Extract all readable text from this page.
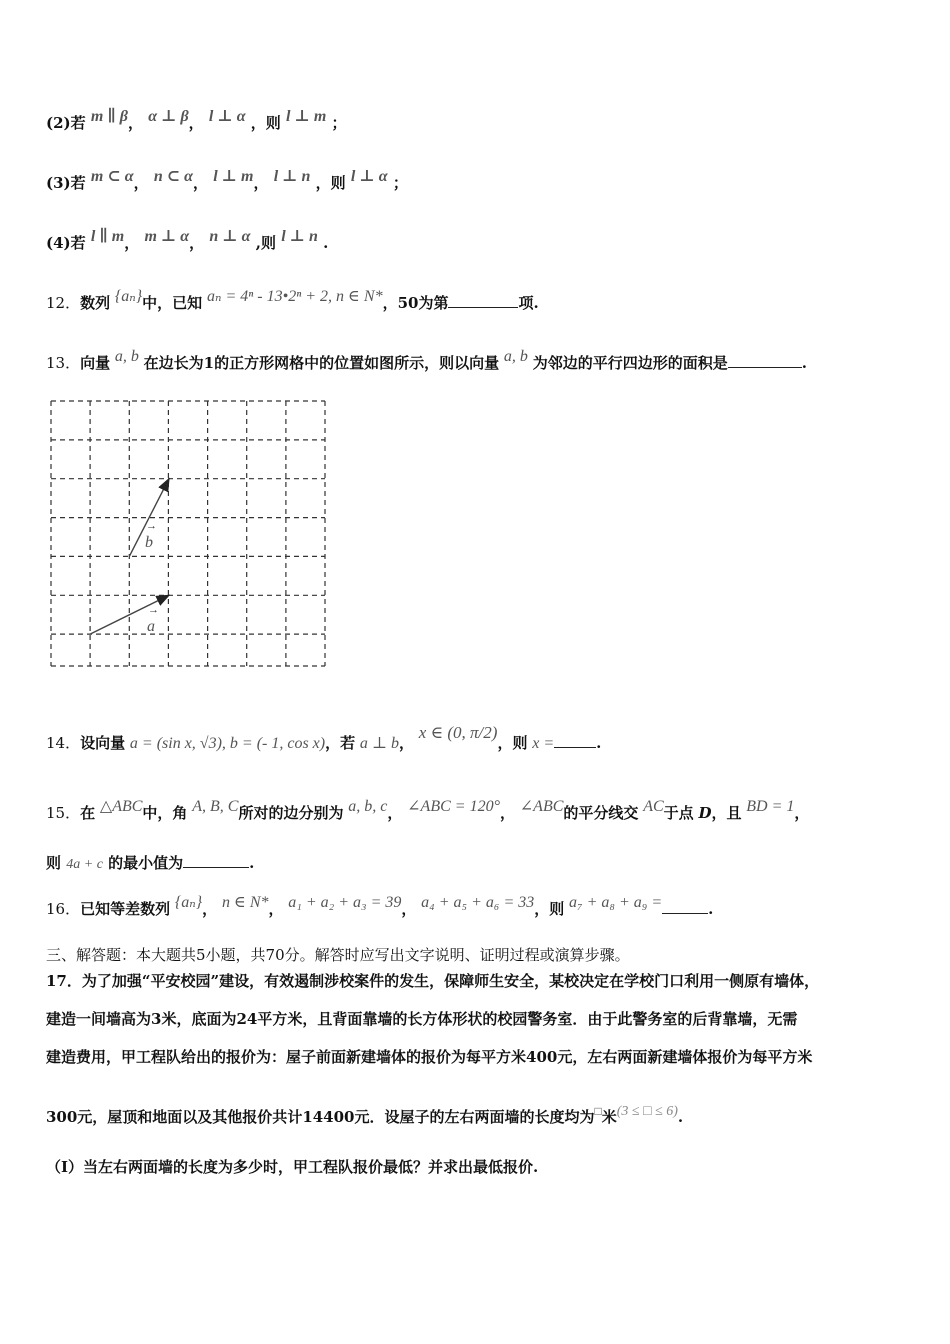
(2)若 m ∥ β， α ⊥ β， l ⊥ α ，则 l ⊥ m ；
(3)若 m ⊂ α， n ⊂ α， l ⊥ m， l ⊥ n ，则 l ⊥ α ；
(4)若 l ∥ m， m ⊥ α， n ⊥ α ,则 l ⊥ n .
12．数列 {aₙ}中，已知 aₙ = 4ⁿ - 13•2ⁿ + 2, n ∈ N*，50为第	项.
13．向量 a, b 在边长为1的正方形网格中的位置如图所示，则以向量 a, b 为邻边的平行四边形的面积是	.
→
b
→
a
14．设向量 a = (sin x, √3), b = (- 1, cos x)，若 a ⊥ b， x ∈ (0, π/2)，则 x =	.
15．在 △ABC中，角 A, B, C所对的边分别为 a, b, c， ∠ABC = 120°， ∠ABC的平分线交 AC于点 D，且 BD = 1，
则 4a + c 的最小值为	.
16．已知等差数列 {aₙ}， n ∈ N*， a₁ + a₂ + a₃ = 39， a₄ + a₅ + a₆ = 33，则 a₇ + a₈ + a₉ =	.
三、解答题：本大题共5小题，共70分。解答时应写出文字说明、证明过程或演算步骤。
17．为了加强“平安校园”建设，有效遏制涉校案件的发生，保障师生安全，某校决定在学校门口利用一侧原有墙体，
建造一间墙高为3米，底面为24平方米，且背面靠墙的长方体形状的校园警务室．由于此警务室的后背靠墙，无需
建造费用，甲工程队给出的报价为：屋子前面新建墙体的报价为每平方米400元，左右两面新建墙体报价为每平方米
300元，屋顶和地面以及其他报价共计14400元．设屋子的左右两面墙的长度均为□米(3 ≤ □ ≤ 6).
（Ⅰ）当左右两面墙的长度为多少时，甲工程队报价最低？并求出最低报价.
